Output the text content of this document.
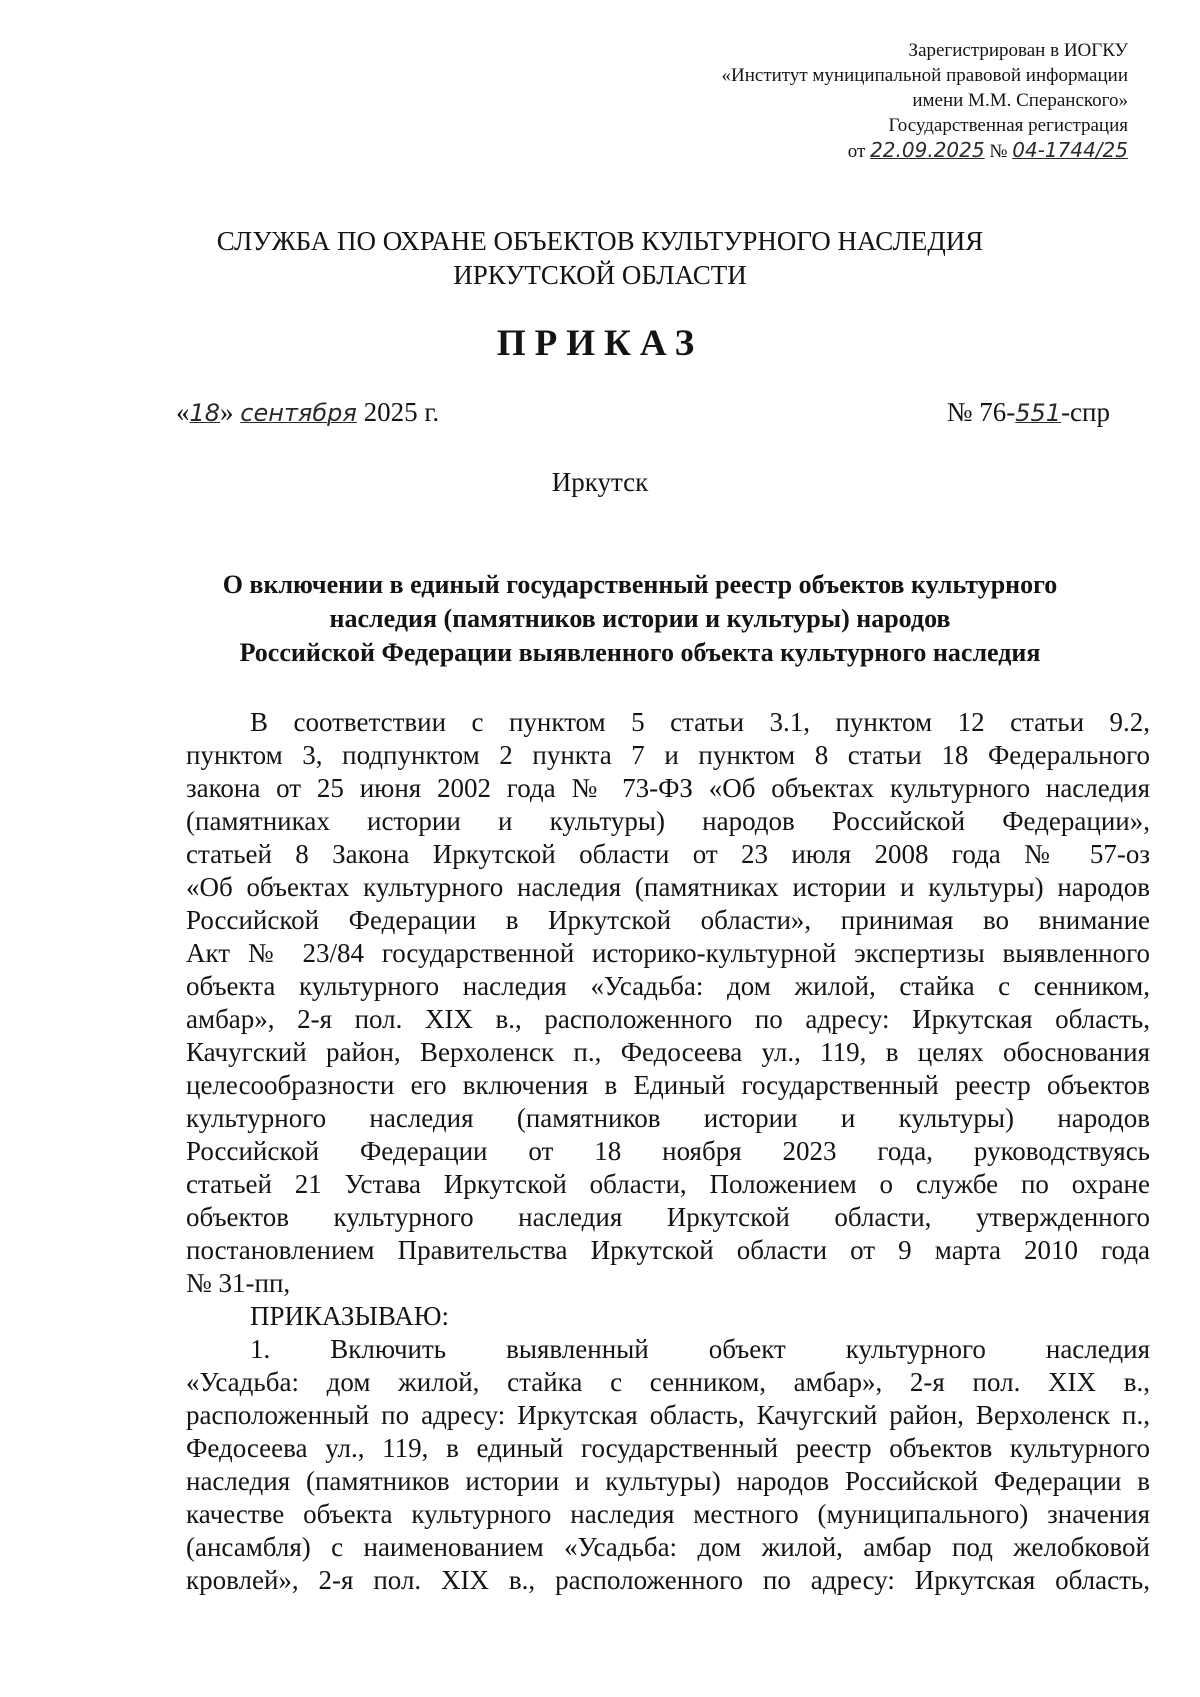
Зарегистрирован в ИОГКУ
«Институт муниципальной правовой информации
имени М.М. Сперанского»
Государственная регистрация
от 22.09.2025 № 04-1744/25
СЛУЖБА ПО ОХРАНЕ ОБЪЕКТОВ КУЛЬТУРНОГО НАСЛЕДИЯ
ИРКУТСКОЙ ОБЛАСТИ
ПРИКАЗ
«18» сентября 2025 г.	№ 76-551-спр
Иркутск
О включении в единый государственный реестр объектов культурного
наследия (памятников истории и культуры) народов
Российской Федерации выявленного объекта культурного наследия
В соответствии с пунктом 5 статьи 3.1, пунктом 12 статьи 9.2,
пунктом 3, подпунктом 2 пункта 7 и пунктом 8 статьи 18 Федерального
закона от 25 июня 2002 года № 73-ФЗ «Об объектах культурного наследия
(памятниках истории и культуры) народов Российской Федерации»,
статьей 8 Закона Иркутской области от 23 июля 2008 года № 57-оз
«Об объектах культурного наследия (памятниках истории и культуры) народов
Российской Федерации в Иркутской области», принимая во внимание
Акт № 23/84 государственной историко-культурной экспертизы выявленного
объекта культурного наследия «Усадьба: дом жилой, стайка с сенником,
амбар», 2-я пол. XIX в., расположенного по адресу: Иркутская область,
Качугский район, Верхоленск п., Федосеева ул., 119, в целях обоснования
целесообразности его включения в Единый государственный реестр объектов
культурного наследия (памятников истории и культуры) народов
Российской Федерации от 18 ноября 2023 года, руководствуясь
статьей 21 Устава Иркутской области, Положением о службе по охране
объектов культурного наследия Иркутской области, утвержденного
постановлением Правительства Иркутской области от 9 марта 2010 года
№ 31-пп,
ПРИКАЗЫВАЮ:
1. Включить выявленный объект культурного наследия
«Усадьба: дом жилой, стайка с сенником, амбар», 2-я пол. XIX в.,
расположенный по адресу: Иркутская область, Качугский район, Верхоленск п.,
Федосеева ул., 119, в единый государственный реестр объектов культурного
наследия (памятников истории и культуры) народов Российской Федерации в
качестве объекта культурного наследия местного (муниципального) значения
(ансамбля) с наименованием «Усадьба: дом жилой, амбар под желобковой
кровлей», 2-я пол. XIX в., расположенного по адресу: Иркутская область,
